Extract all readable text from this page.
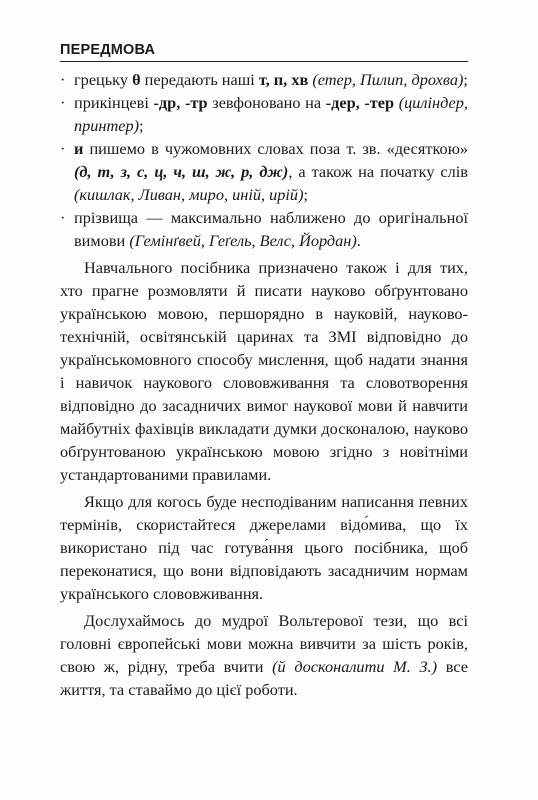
ПЕРЕДМОВА
· грецьку θ передають наші т, п, хв (етер, Пилип, дрохва);
· прикінцеві -др, -тр зевфоновано на -дер, -тер (циліндер, принтер);
· и пишемо в чужомовних словах поза т. зв. «десяткою» (д, т, з, с, ц, ч, ш, ж, р, дж), а також на початку слів (кишлак, Ливан, миро, иній, ирій);
· прізвища — максимально наближено до оригінальної вимови (Гемінґвей, Геґель, Велс, Йордан).

Навчального посібника призначено також і для тих, хто прагне розмовляти й писати науково обґрунтовано українською мовою, першорядно в науковій, науково-технічній, освітянській царинах та ЗМІ відповідно до українськомовного способу мислення, щоб надати знання і навичок наукового слововживання та словотворення відповідно до засадничих вимог наукової мови й навчити майбутніх фахівців викладати думки досконалою, науково обґрунтованою українською мовою згідно з новітніми устандартованими правилами.

Якщо для когось буде несподіваним написання певних термінів, скористайтеся джерелами відо́мива, що їх використано під час готува́ння цього посібника, щоб переконатися, що вони відповідають засадничим нормам українського слововживання.

Дослухаймось до мудрої Вольтерової тези, що всі головні європейські мови можна вивчити за шість років, свою ж, рідну, треба вчити (й досконалити М. З.) все життя, та ставаймо до цієї роботи.
